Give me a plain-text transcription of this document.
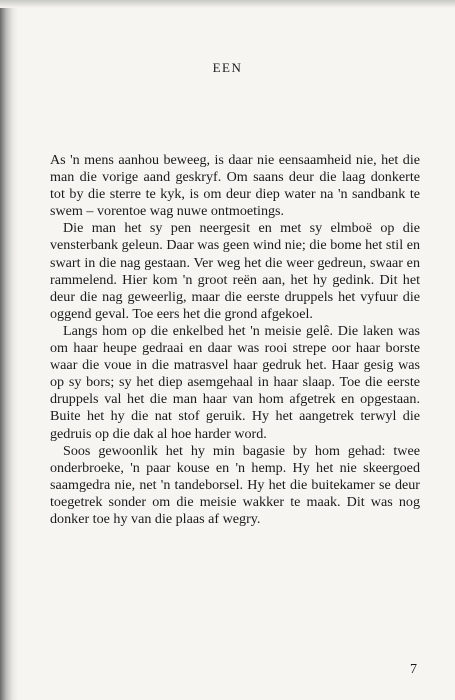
EEN

As 'n mens aanhou beweeg, is daar nie eensaamheid nie, het die man die vorige aand geskryf. Om saans deur die laag donkerte tot by die sterre te kyk, is om deur diep water na 'n sandbank te swem – vorentoe wag nuwe ontmoetings.

Die man het sy pen neergesit en met sy elmboë op die vensterbank geleun. Daar was geen wind nie; die bome het stil en swart in die nag gestaan. Ver weg het die weer gedreun, swaar en rammelend. Hier kom 'n groot reën aan, het hy gedink. Dit het deur die nag geweerlig, maar die eerste druppels het vyfuur die oggend geval. Toe eers het die grond afgekoel.

Langs hom op die enkelbed het 'n meisie gelê. Die laken was om haar heupe gedraai en daar was rooi strepe oor haar borste waar die voue in die matrasvel haar gedruk het. Haar gesig was op sy bors; sy het diep asemgehaal in haar slaap. Toe die eerste druppels val het die man haar van hom afgetrek en opgestaan. Buite het hy die nat stof geruik. Hy het aangetrek terwyl die gedruis op die dak al hoe harder word.

Soos gewoonlik het hy min bagasie by hom gehad: twee onderbroeke, 'n paar kouse en 'n hemp. Hy het nie skeergoed saamgedra nie, net 'n tandeborsel. Hy het die buitekamer se deur toegetrek sonder om die meisie wakker te maak. Dit was nog donker toe hy van die plaas af wegry.

7
